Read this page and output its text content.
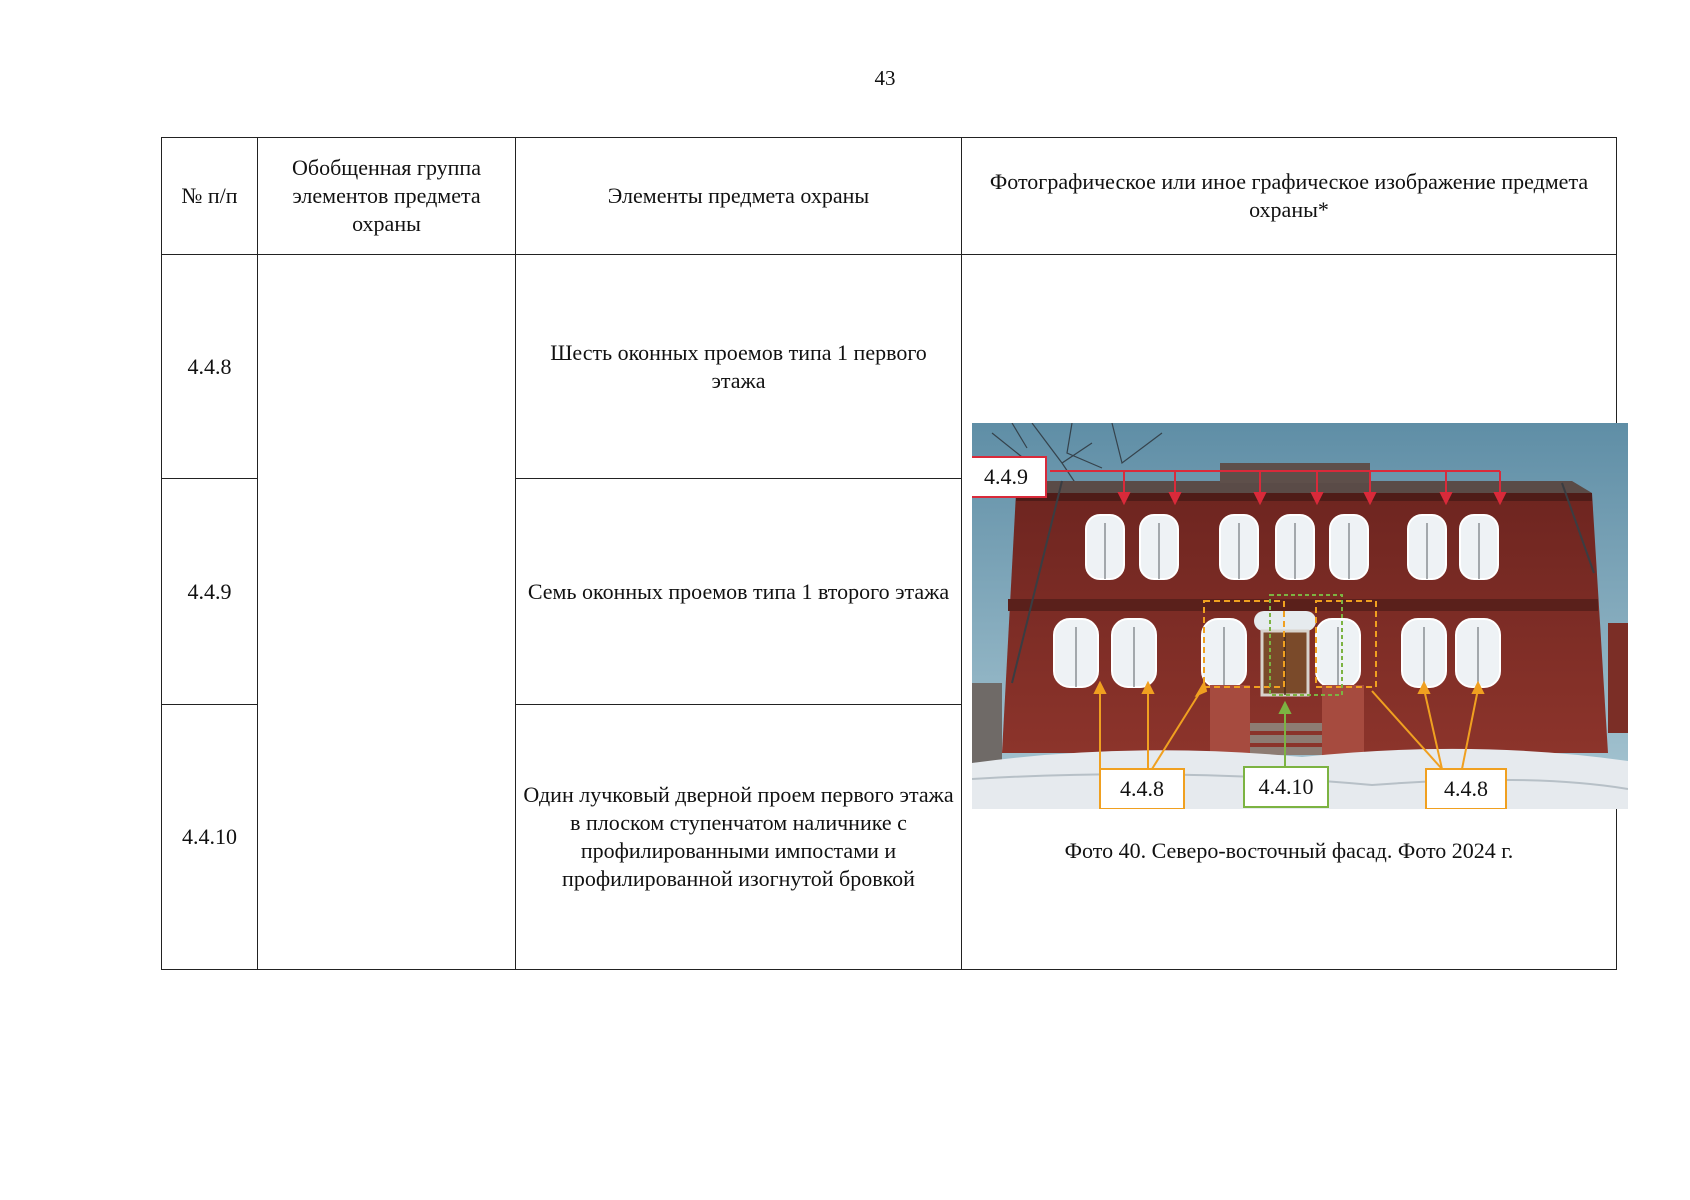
43
№ п/п	Обобщенная группа элементов предмета охраны	Элементы предмета охраны	Фотографическое или иное графическое изображение предмета охраны*
4.4.8		Шесть оконных проемов типа 1 первого этажа	4.4.9
4.4.8 4.4.10 4.4.8
Фото 40. Северо-восточный фасад. Фото 2024 г.

4.4.9		Семь оконных проемов типа 1 второго этажа	
4.4.10		Один лучковый дверной проем первого этажа в плоском ступенчатом наличнике с профилированными импостами и профилированной изогнутой бровкой	
